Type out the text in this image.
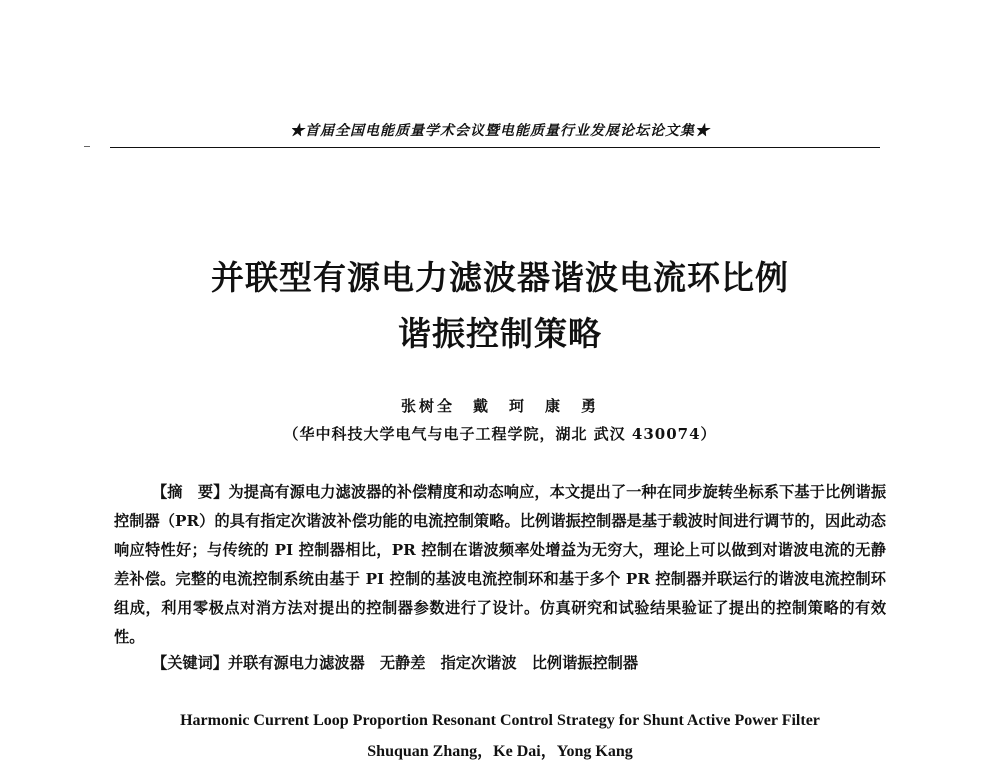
★首届全国电能质量学术会议暨电能质量行业发展论坛论文集★
并联型有源电力滤波器谐波电流环比例
谐振控制策略
张树全　戴　珂　康　勇
（华中科技大学电气与电子工程学院，湖北 武汉 430074）
【摘　要】为提高有源电力滤波器的补偿精度和动态响应，本文提出了一种在同步旋转坐标系下基于比例谐振控制器（PR）的具有指定次谐波补偿功能的电流控制策略。比例谐振控制器是基于载波时间进行调节的，因此动态响应特性好；与传统的 PI 控制器相比，PR 控制在谐波频率处增益为无穷大，理论上可以做到对谐波电流的无静差补偿。完整的电流控制系统由基于 PI 控制的基波电流控制环和基于多个 PR 控制器并联运行的谐波电流控制环组成，利用零极点对消方法对提出的控制器参数进行了设计。仿真研究和试验结果验证了提出的控制策略的有效性。
【关键词】并联有源电力滤波器　无静差　指定次谐波　比例谐振控制器
Harmonic Current Loop Proportion Resonant Control Strategy for Shunt Active Power Filter
Shuquan Zhang，Ke Dai，Yong Kang
